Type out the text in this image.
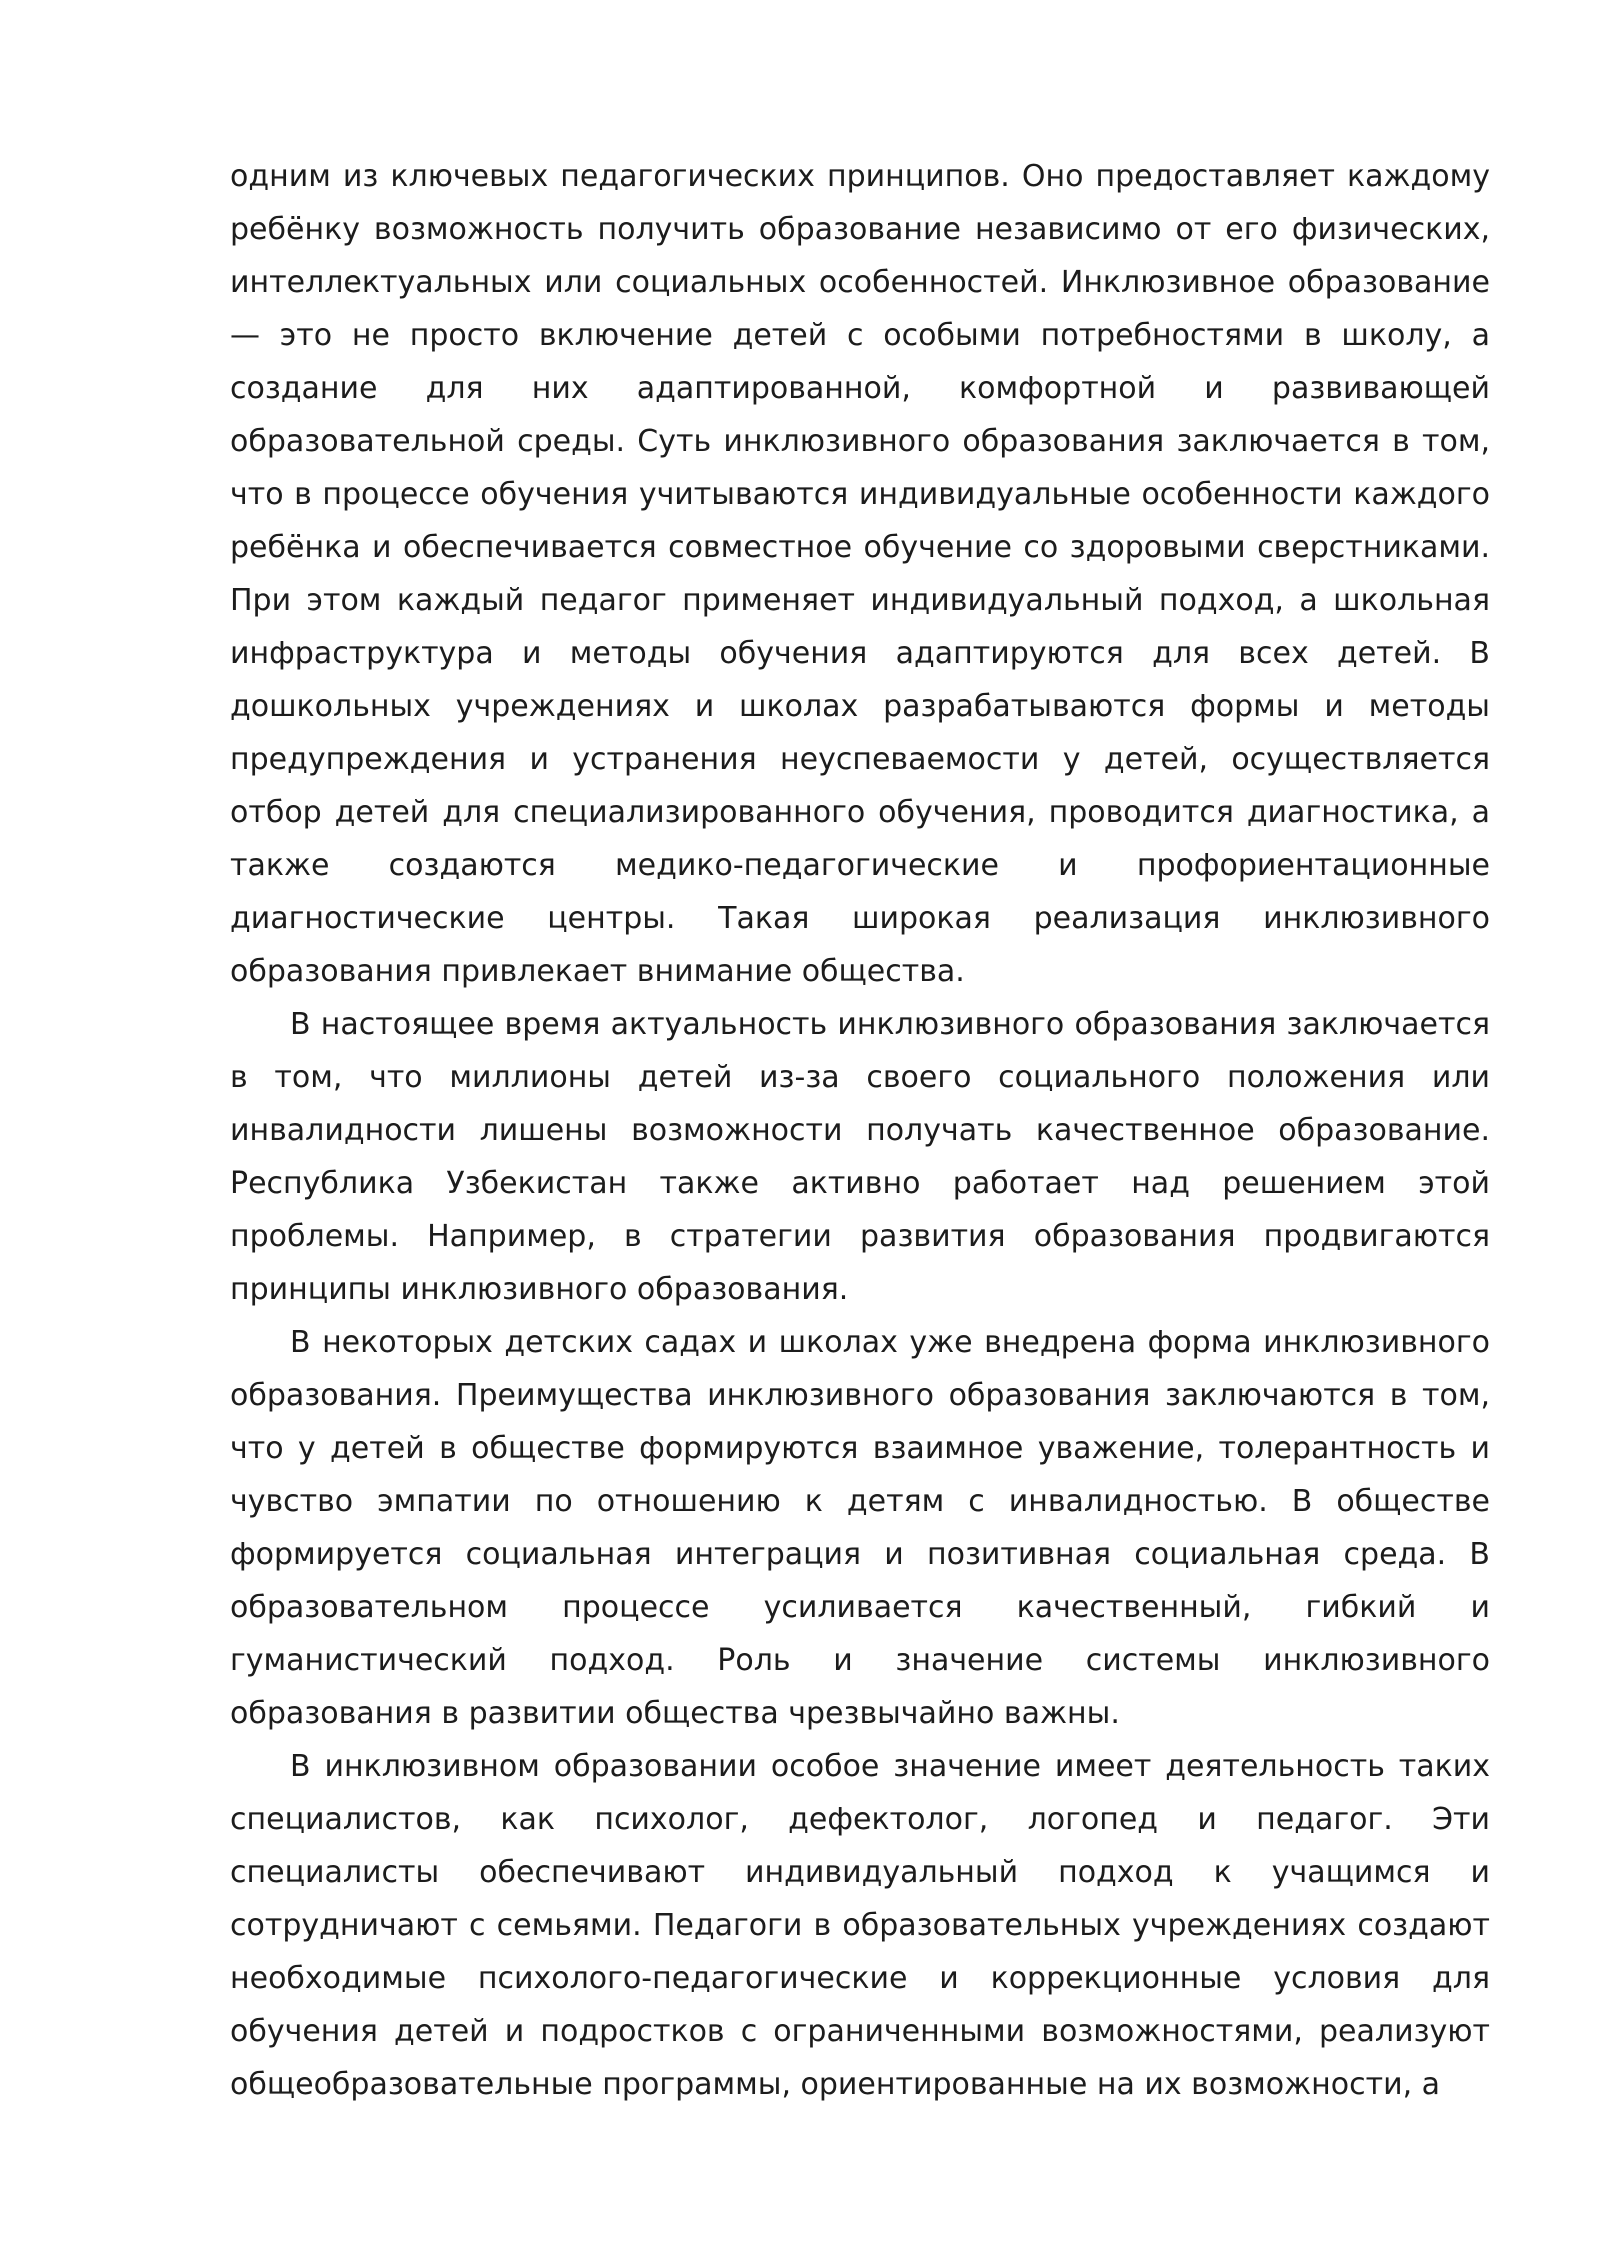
одним из ключевых педагогических принципов. Оно предоставляет каждому ребёнку возможность получить образование независимо от его физических, интеллектуальных или социальных особенностей. Инклюзивное образование — это не просто включение детей с особыми потребностями в школу, а создание для них адаптированной, комфортной и развивающей образовательной среды. Суть инклюзивного образования заключается в том, что в процессе обучения учитываются индивидуальные особенности каждого ребёнка и обеспечивается совместное обучение со здоровыми сверстниками. При этом каждый педагог применяет индивидуальный подход, а школьная инфраструктура и методы обучения адаптируются для всех детей. В дошкольных учреждениях и школах разрабатываются формы и методы предупреждения и устранения неуспеваемости у детей, осуществляется отбор детей для специализированного обучения, проводится диагностика, а также создаются медико-педагогические и профориентационные диагностические центры. Такая широкая реализация инклюзивного образования привлекает внимание общества.

В настоящее время актуальность инклюзивного образования заключается в том, что миллионы детей из-за своего социального положения или инвалидности лишены возможности получать качественное образование. Республика Узбекистан также активно работает над решением этой проблемы. Например, в стратегии развития образования продвигаются принципы инклюзивного образования.

В некоторых детских садах и школах уже внедрена форма инклюзивного образования. Преимущества инклюзивного образования заключаются в том, что у детей в обществе формируются взаимное уважение, толерантность и чувство эмпатии по отношению к детям с инвалидностью. В обществе формируется социальная интеграция и позитивная социальная среда. В образовательном процессе усиливается качественный, гибкий и гуманистический подход. Роль и значение системы инклюзивного образования в развитии общества чрезвычайно важны.

В инклюзивном образовании особое значение имеет деятельность таких специалистов, как психолог, дефектолог, логопед и педагог. Эти специалисты обеспечивают индивидуальный подход к учащимся и сотрудничают с семьями. Педагоги в образовательных учреждениях создают необходимые психолого-педагогические и коррекционные условия для обучения детей и подростков с ограниченными возможностями, реализуют общеобразовательные программы, ориентированные на их возможности, а
